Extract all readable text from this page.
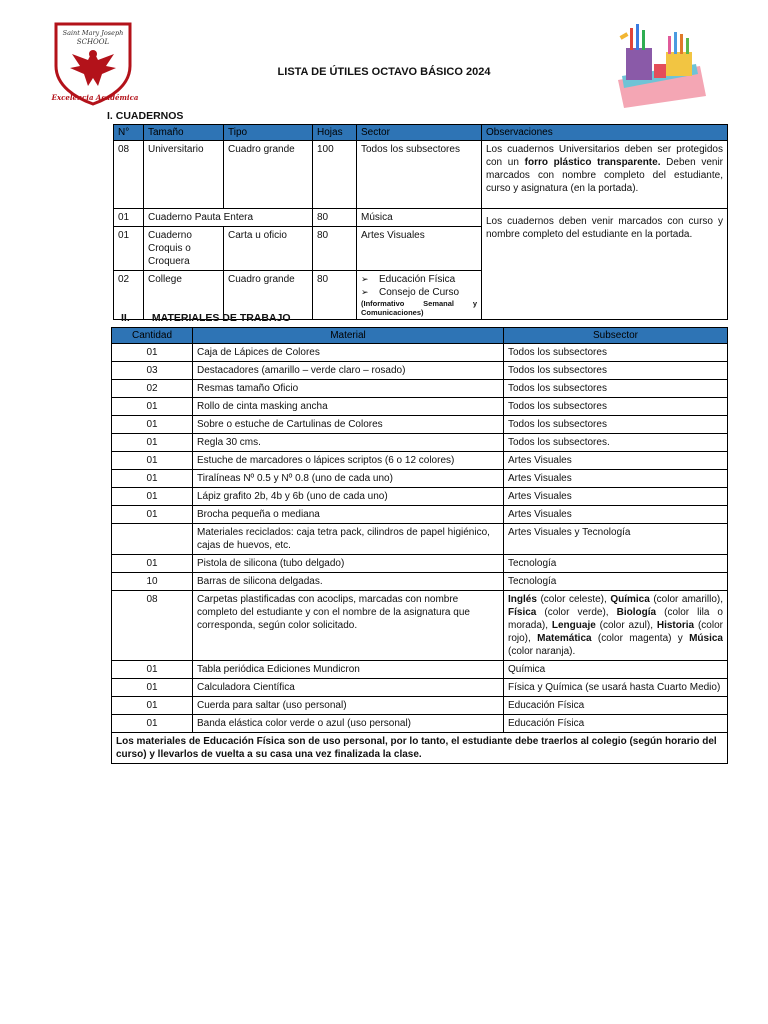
Saint Mary Joseph
SCHOOL
Excelencia Académica
LISTA DE ÚTILES OCTAVO BÁSICO 2024
I. CUADERNOS
N°	Tamaño	Tipo	Hojas	Sector	Observaciones
08	Universitario	Cuadro grande	100	Todos los subsectores	Los cuadernos Universitarios deben ser protegidos con un forro plástico transparente. Deben venir marcados con nombre completo del estudiante, curso y asignatura (en la portada).
01	Cuaderno Pauta Entera		80	Música	Los cuadernos deben venir marcados con curso y nombre completo del estudiante en la portada.
01	Cuaderno Croquis o Croquera	Carta u oficio	80	Artes Visuales	
02	College	Cuadro grande	80	➢ Educación Física
➢ Consejo de Curso
(Informativo Semanal y Comunicaciones)	
II. MATERIALES DE TRABAJO
Cantidad	Material	Subsector
01	Caja de Lápices de Colores	Todos los subsectores
03	Destacadores (amarillo – verde claro – rosado)	Todos los subsectores
02	Resmas tamaño Oficio	Todos los subsectores
01	Rollo de cinta masking ancha	Todos los subsectores
01	Sobre o estuche de Cartulinas de Colores	Todos los subsectores
01	Regla 30 cms.	Todos los subsectores.
01	Estuche de marcadores o lápices scriptos (6 o 12 colores)	Artes Visuales
01	Tiralíneas Nº 0.5 y Nº 0.8 (uno de cada uno)	Artes Visuales
01	Lápiz grafito 2b, 4b y 6b (uno de cada uno)	Artes Visuales
01	Brocha pequeña o mediana	Artes Visuales
	Materiales reciclados: caja tetra pack, cilindros de papel higiénico, cajas de huevos, etc.	Artes Visuales y Tecnología
01	Pistola de silicona (tubo delgado)	Tecnología
10	Barras de silicona delgadas.	Tecnología
08	Carpetas plastificadas con acoclips, marcadas con nombre completo del estudiante y con el nombre de la asignatura que corresponda, según color solicitado.	Inglés (color celeste), Química (color amarillo), Física (color verde), Biología (color lila o morada), Lenguaje (color azul), Historia (color rojo), Matemática (color magenta) y Música (color naranja).
01	Tabla periódica Ediciones Mundicron	Química
01	Calculadora Científica	Física y Química (se usará hasta Cuarto Medio)
01	Cuerda para saltar (uso personal)	Educación Física
01	Banda elástica color verde o azul (uso personal)	Educación Física
Los materiales de Educación Física son de uso personal, por lo tanto, el estudiante debe traerlos al colegio (según horario del curso) y llevarlos de vuelta a su casa una vez finalizada la clase.		
